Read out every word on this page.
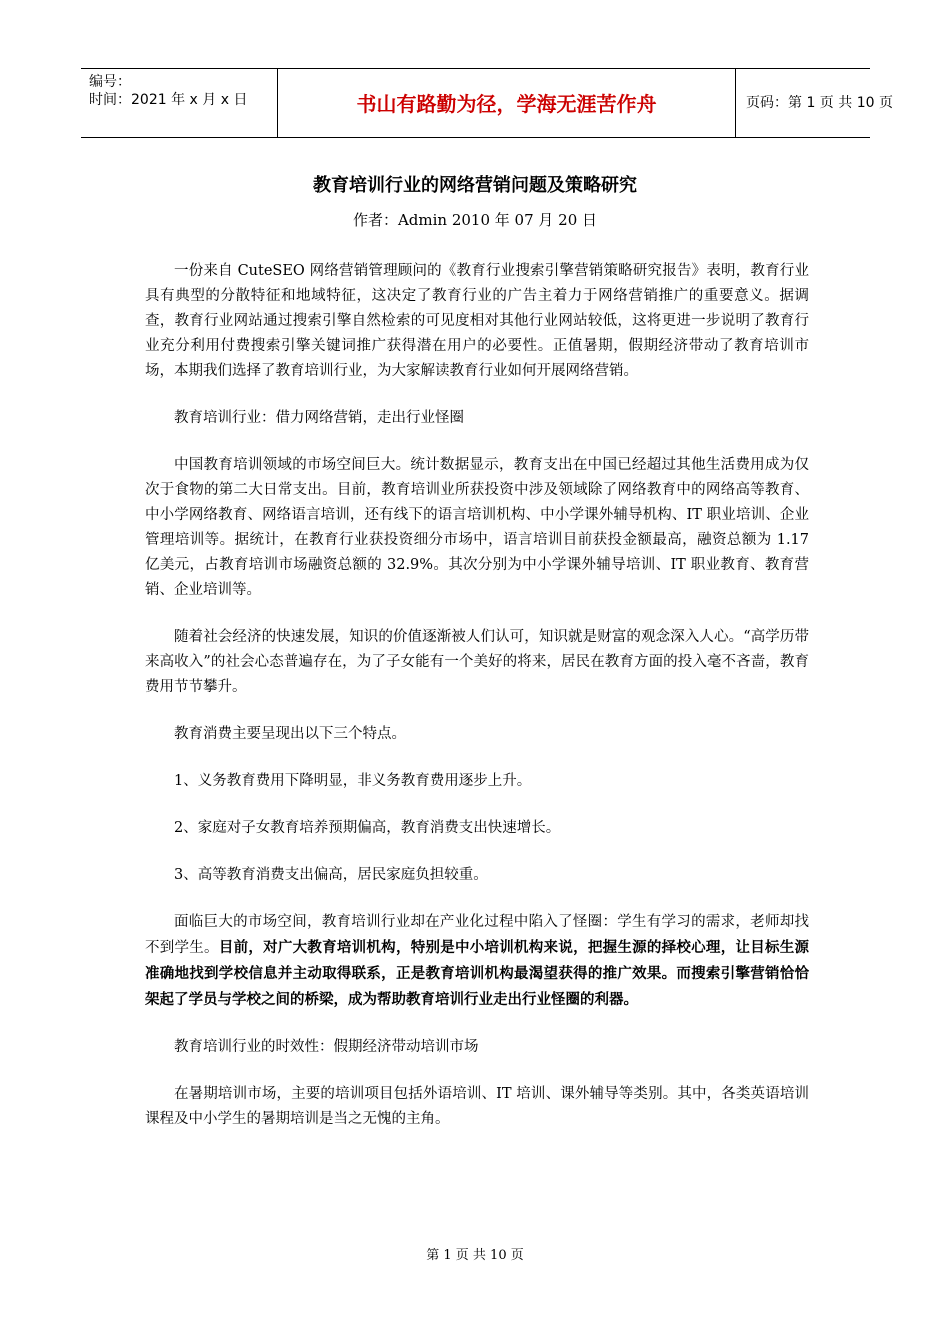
编号：
时间：2021 年 x 月 x 日	书山有路勤为径，学海无涯苦作舟	页码：第 1 页 共 10 页
教育培训行业的网络营销问题及策略研究
作者：Admin 2010 年 07 月 20 日

一份来自 CuteSEO 网络营销管理顾问的《教育行业搜索引擎营销策略研究报告》表明，教育行业具有典型的分散特征和地域特征，这决定了教育行业的广告主着力于网络营销推广的重要意义。据调查，教育行业网站通过搜索引擎自然检索的可见度相对其他行业网站较低，这将更进一步说明了教育行业充分利用付费搜索引擎关键词推广获得潜在用户的必要性。正值暑期，假期经济带动了教育培训市场，本期我们选择了教育培训行业，为大家解读教育行业如何开展网络营销。

教育培训行业：借力网络营销，走出行业怪圈

中国教育培训领域的市场空间巨大。统计数据显示，教育支出在中国已经超过其他生活费用成为仅次于食物的第二大日常支出。目前，教育培训业所获投资中涉及领域除了网络教育中的网络高等教育、中小学网络教育、网络语言培训，还有线下的语言培训机构、中小学课外辅导机构、IT 职业培训、企业管理培训等。据统计，在教育行业获投资细分市场中，语言培训目前获投金额最高，融资总额为 1.17 亿美元，占教育培训市场融资总额的 32.9%。其次分别为中小学课外辅导培训、IT 职业教育、教育营销、企业培训等。

随着社会经济的快速发展，知识的价值逐渐被人们认可，知识就是财富的观念深入人心。“高学历带来高收入”的社会心态普遍存在，为了子女能有一个美好的将来，居民在教育方面的投入毫不吝啬，教育费用节节攀升。

教育消费主要呈现出以下三个特点。

1、义务教育费用下降明显，非义务教育费用逐步上升。

2、家庭对子女教育培养预期偏高，教育消费支出快速增长。

3、高等教育消费支出偏高，居民家庭负担较重。

面临巨大的市场空间，教育培训行业却在产业化过程中陷入了怪圈：学生有学习的需求，老师却找不到学生。目前，对广大教育培训机构，特别是中小培训机构来说，把握生源的择校心理，让目标生源准确地找到学校信息并主动取得联系，正是教育培训机构最渴望获得的推广效果。而搜索引擎营销恰恰架起了学员与学校之间的桥梁，成为帮助教育培训行业走出行业怪圈的利器。

教育培训行业的时效性：假期经济带动培训市场

在暑期培训市场，主要的培训项目包括外语培训、IT 培训、课外辅导等类别。其中，各类英语培训课程及中小学生的暑期培训是当之无愧的主角。

第 1 页 共 10 页
